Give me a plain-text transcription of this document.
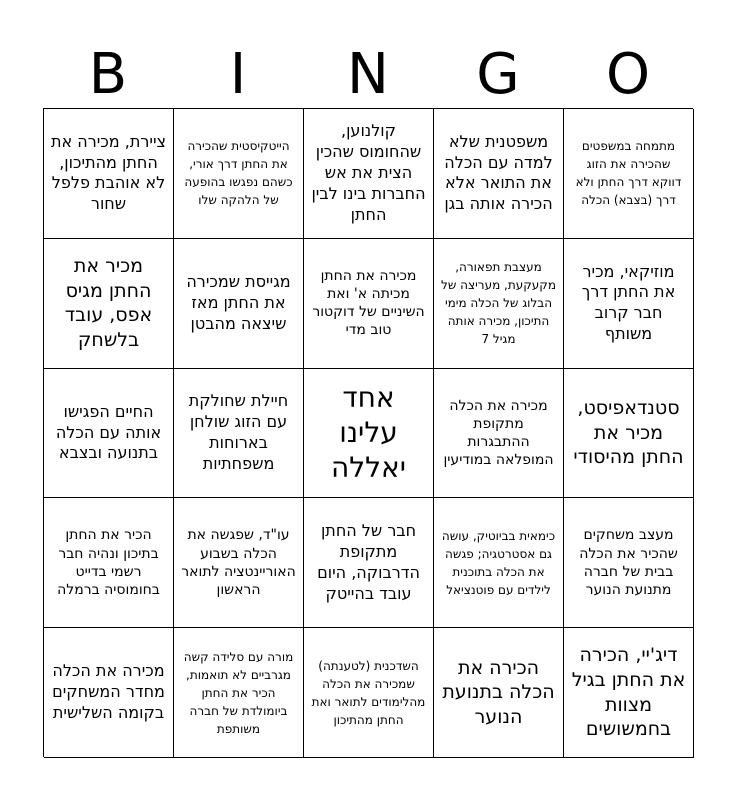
B	I	N	G	O
ציירת, מכירה את החתן מהתיכון, לא אוהבת פלפל שחור
הייטקיסטית שהכירה את החתן דרך אורי, כשהם נפגשו בהופעה של הלהקה שלו
קולנוען, שהחומוס שהכין הצית את אש החברות בינו לבין החתן
משפטנית שלא למדה עם הכלה את התואר אלא הכירה אותה בגן
מתמחה במשפטים שהכירה את הזוג דווקא דרך החתן ולא דרך (בצבא) הכלה
מכיר את החתן מגיס אפס, עובד בלשחק
מגייסת שמכירה את החתן מאז שיצאה מהבטן
מכירה את החתן מכיתה א' ואת השיניים של דוקטור טוב מדי
מעצבת תפאורה, מקעקעת, מעריצה של הבלוג של הכלה מימי התיכון, מכירה אותה מגיל 7
מוזיקאי, מכיר את החתן דרך חבר קרוב משותף
החיים הפגישו אותה עם הכלה בתנועה ובצבא
חיילת שחולקת עם הזוג שולחן בארוחות משפחתיות
אחד עלינו יאללה
מכירה את הכלה מתקופת ההתבגרות המופלאה במודיעין
סטנדאפיסט, מכיר את החתן מהיסודי
הכיר את החתן בתיכון ונהיה חבר רשמי בדייט בחומוסיה ברמלה
עו"ד, שפגשה את הכלה בשבוע האוריינטציה לתואר הראשון
חבר של החתן מתקופת הדרבוקה, היום עובד בהייטק
כימאית בביוטיק, עושה גם אסטרטגיה; פגשה את הכלה בתוכנית לילדים עם פוטנציאל
מעצב משחקים שהכיר את הכלה בבית של חברה מתנועת הנוער
מכירה את הכלה מחדר המשחקים בקומה השלישית
מורה עם סלידה קשה מגרביים לא תואמות, הכיר את החתן ביומולדת של חברה משותפת
השדכנית (לטענתה) שמכירה את הכלה מהלימודים לתואר ואת החתן מהתיכון
הכירה את הכלה בתנועת הנוער
דיג'יי, הכירה את החתן בגיל מצוות בחמשושים
